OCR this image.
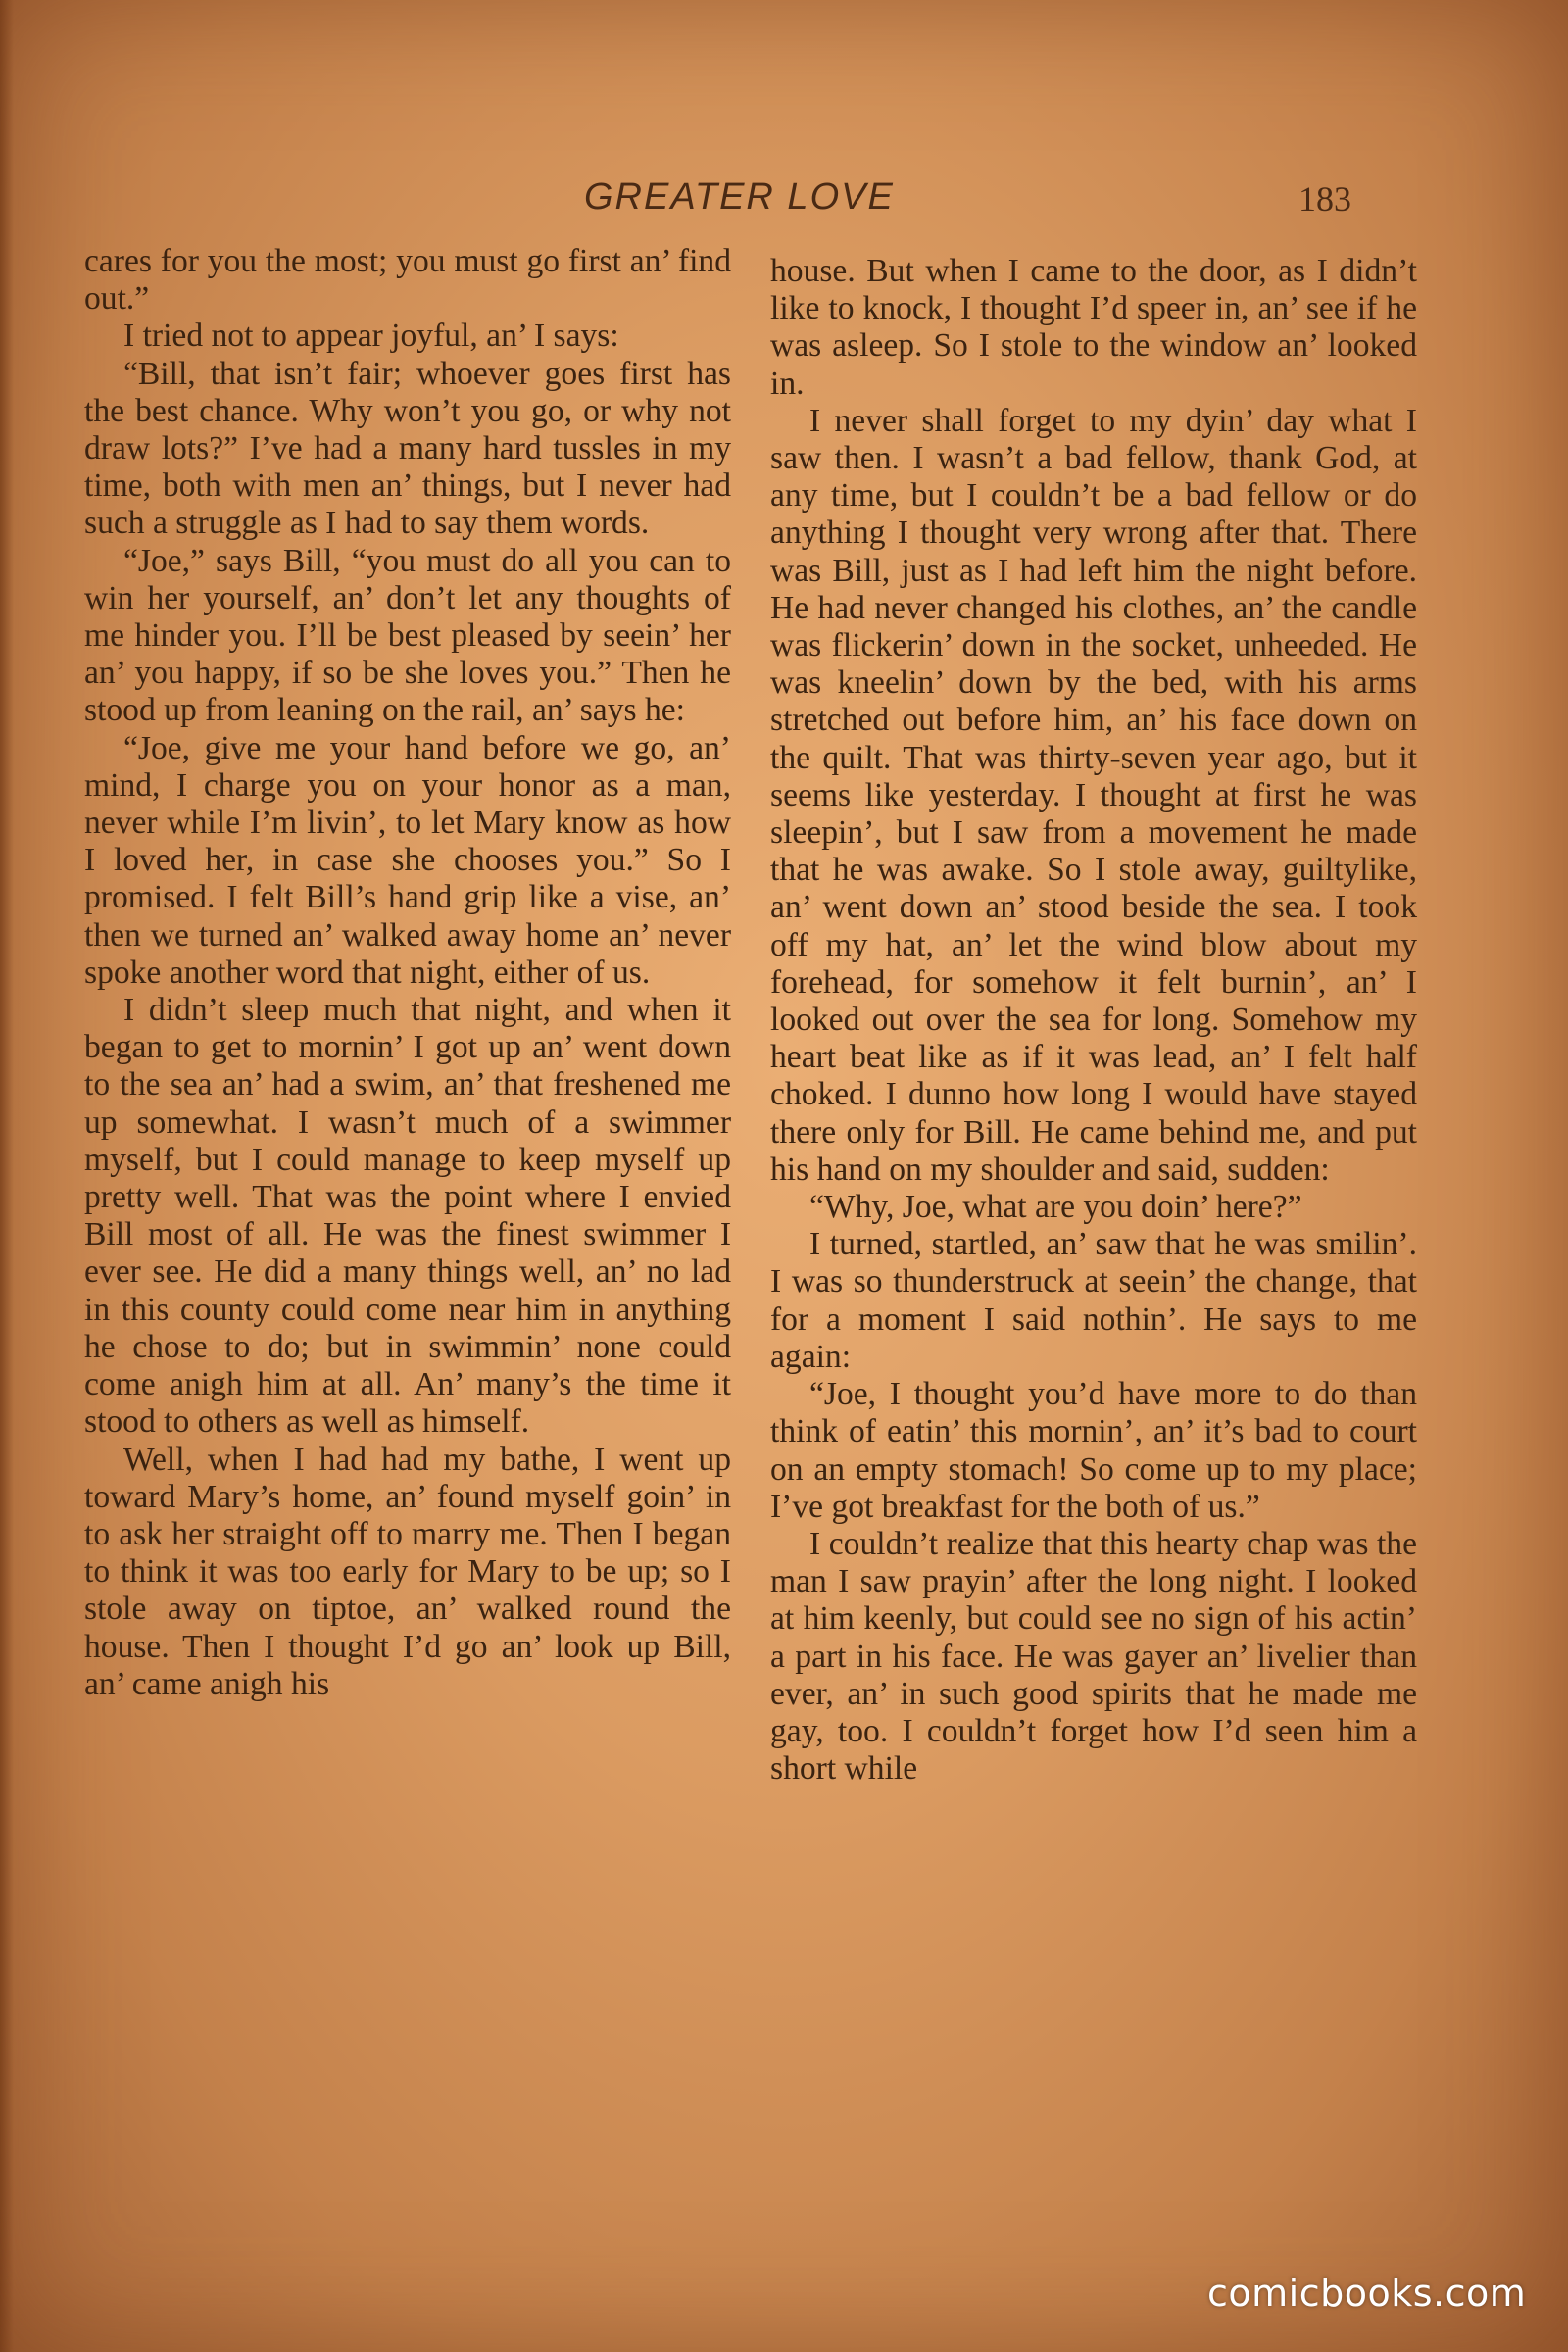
GREATER LOVE	183

cares for you the most; you must go first an’ find out.”

I tried not to appear joyful, an’ I says:

“Bill, that isn’t fair; whoever goes first has the best chance. Why won’t you go, or why not draw lots?” I’ve had a many hard tussles in my time, both with men an’ things, but I never had such a struggle as I had to say them words.

“Joe,” says Bill, “you must do all you can to win her yourself, an’ don’t let any thoughts of me hinder you. I’ll be best pleased by seein’ her an’ you happy, if so be she loves you.” Then he stood up from leaning on the rail, an’ says he:

“Joe, give me your hand before we go, an’ mind, I charge you on your honor as a man, never while I’m livin’, to let Mary know as how I loved her, in case she chooses you.” So I promised. I felt Bill’s hand grip like a vise, an’ then we turned an’ walked away home an’ never spoke another word that night, either of us.

I didn’t sleep much that night, and when it began to get to mornin’ I got up an’ went down to the sea an’ had a swim, an’ that freshened me up somewhat. I wasn’t much of a swimmer myself, but I could manage to keep myself up pretty well. That was the point where I envied Bill most of all. He was the finest swimmer I ever see. He did a many things well, an’ no lad in this county could come near him in anything he chose to do; but in swimmin’ none could come anigh him at all. An’ many’s the time it stood to others as well as himself.

Well, when I had had my bathe, I went up toward Mary’s home, an’ found myself goin’ in to ask her straight off to marry me. Then I began to think it was too early for Mary to be up; so I stole away on tiptoe, an’ walked round the house. Then I thought I’d go an’ look up Bill, an’ came anigh his

house. But when I came to the door, as I didn’t like to knock, I thought I’d speer in, an’ see if he was asleep. So I stole to the window an’ looked in.

I never shall forget to my dyin’ day what I saw then. I wasn’t a bad fellow, thank God, at any time, but I couldn’t be a bad fellow or do anything I thought very wrong after that. There was Bill, just as I had left him the night before. He had never changed his clothes, an’ the candle was flickerin’ down in the socket, unheeded. He was kneelin’ down by the bed, with his arms stretched out before him, an’ his face down on the quilt. That was thirty-seven year ago, but it seems like yesterday. I thought at first he was sleepin’, but I saw from a movement he made that he was awake. So I stole away, guiltylike, an’ went down an’ stood beside the sea. I took off my hat, an’ let the wind blow about my forehead, for somehow it felt burnin’, an’ I looked out over the sea for long. Somehow my heart beat like as if it was lead, an’ I felt half choked. I dunno how long I would have stayed there only for Bill. He came behind me, and put his hand on my shoulder and said, sudden:

“Why, Joe, what are you doin’ here?”

I turned, startled, an’ saw that he was smilin’. I was so thunderstruck at seein’ the change, that for a moment I said nothin’. He says to me again:

“Joe, I thought you’d have more to do than think of eatin’ this mornin’, an’ it’s bad to court on an empty stomach! So come up to my place; I’ve got breakfast for the both of us.”

I couldn’t realize that this hearty chap was the man I saw prayin’ after the long night. I looked at him keenly, but could see no sign of his actin’ a part in his face. He was gayer an’ livelier than ever, an’ in such good spirits that he made me gay, too. I couldn’t forget how I’d seen him a short while

comicbooks.com
